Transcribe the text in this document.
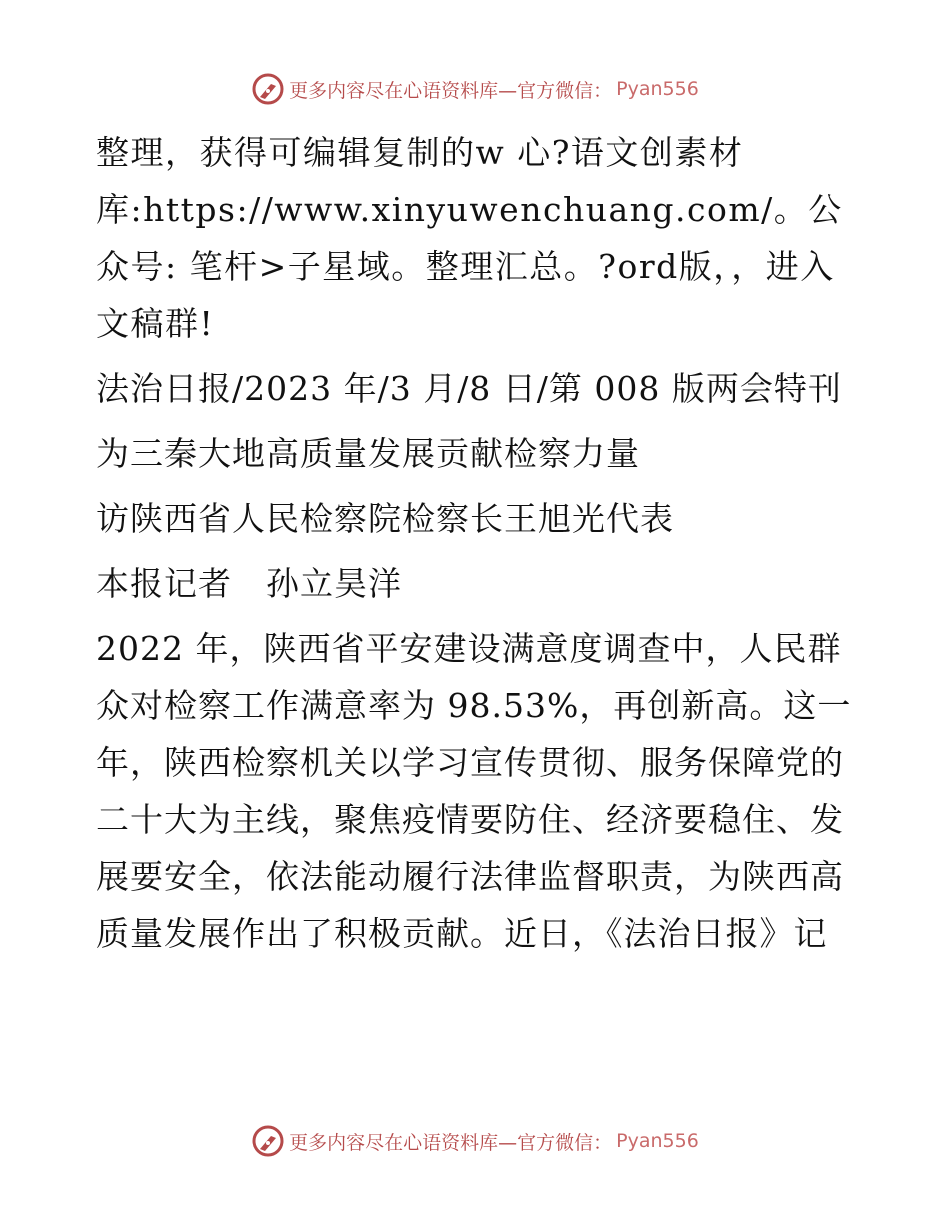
更多内容尽在心语资料库—官方微信： Pyan556

整理，获得可编辑复制的w 心?语文创素材库:https://www.xinyuwenchuang.com/。公众号: 笔杆>子星域。整理汇总。?ord版，，进入文稿群!

法治日报/2023 年/3 月/8 日/第 008 版两会特刊

为三秦大地高质量发展贡献检察力量

访陕西省人民检察院检察长王旭光代表

本报记者　孙立昊洋

2022 年，陕西省平安建设满意度调查中，人民群众对检察工作满意率为 98.53%，再创新高。这一年，陕西检察机关以学习宣传贯彻、服务保障党的二十大为主线，聚焦疫情要防住、经济要稳住、发展要安全，依法能动履行法律监督职责，为陕西高质量发展作出了积极贡献。近日，《法治日报》记

更多内容尽在心语资料库—官方微信： Pyan556
